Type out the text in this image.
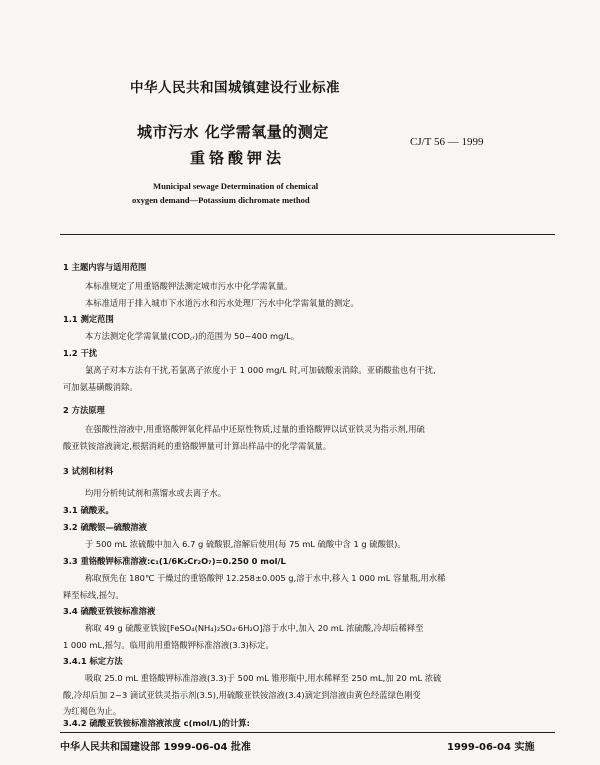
中华人民共和国城镇建设行业标准
城市污水 化学需氧量的测定
重铬酸钾法
CJ/T 56 — 1999
Municipal sewage Determination of chemical
oxygen demand—Potassium dichromate method
1 主题内容与适用范围
本标准规定了用重铬酸钾法测定城市污水中化学需氧量。
本标准适用于排入城市下水道污水和污水处理厂污水中化学需氧量的测定。
1.1 测定范围
本方法测定化学需氧量(COD꜀ᵣ)的范围为 50~400 mg/L。
1.2 干扰
氯离子对本方法有干扰,若氯离子浓度小于 1 000 mg/L 时,可加硫酸汞消除。亚硝酸盐也有干扰,
可加氨基磺酸消除。
2 方法原理
在强酸性溶液中,用重铬酸钾氧化样品中还原性物质,过量的重铬酸钾以试亚铁灵为指示剂,用硫
酸亚铁铵溶液滴定,根据消耗的重铬酸钾量可计算出样品中的化学需氧量。
3 试剂和材料
均用分析纯试剂和蒸馏水或去离子水。
3.1 硫酸汞。
3.2 硫酸银—硫酸溶液
于 500 mL 浓硫酸中加入 6.7 g 硫酸银,溶解后使用(每 75 mL 硫酸中含 1 g 硫酸银)。
3.3 重铬酸钾标准溶液:c₁(1/6K₂Cr₂O₇)=0.250 0 mol/L
称取预先在 180℃ 干燥过的重铬酸钾 12.258±0.005 g,溶于水中,移入 1 000 mL 容量瓶,用水稀
释至标线,摇匀。
3.4 硫酸亚铁铵标准溶液
称取 49 g 硫酸亚铁铵[FeSO₄(NH₄)₂SO₄·6H₂O]溶于水中,加入 20 mL 浓硫酸,冷却后稀释至
1 000 mL,摇匀。临用前用重铬酸钾标准溶液(3.3)标定。
3.4.1 标定方法
吸取 25.0 mL 重铬酸钾标准溶液(3.3)于 500 mL 锥形瓶中,用水稀释至 250 mL,加 20 mL 浓硫
酸,冷却后加 2~3 滴试亚铁灵指示剂(3.5),用硫酸亚铁铵溶液(3.4)滴定到溶液由黄色经蓝绿色刚变
为红褐色为止。
3.4.2 硫酸亚铁铵标准溶液浓度 c(mol/L)的计算:
中华人民共和国建设部 1999-06-04 批准	1999-06-04 实施
